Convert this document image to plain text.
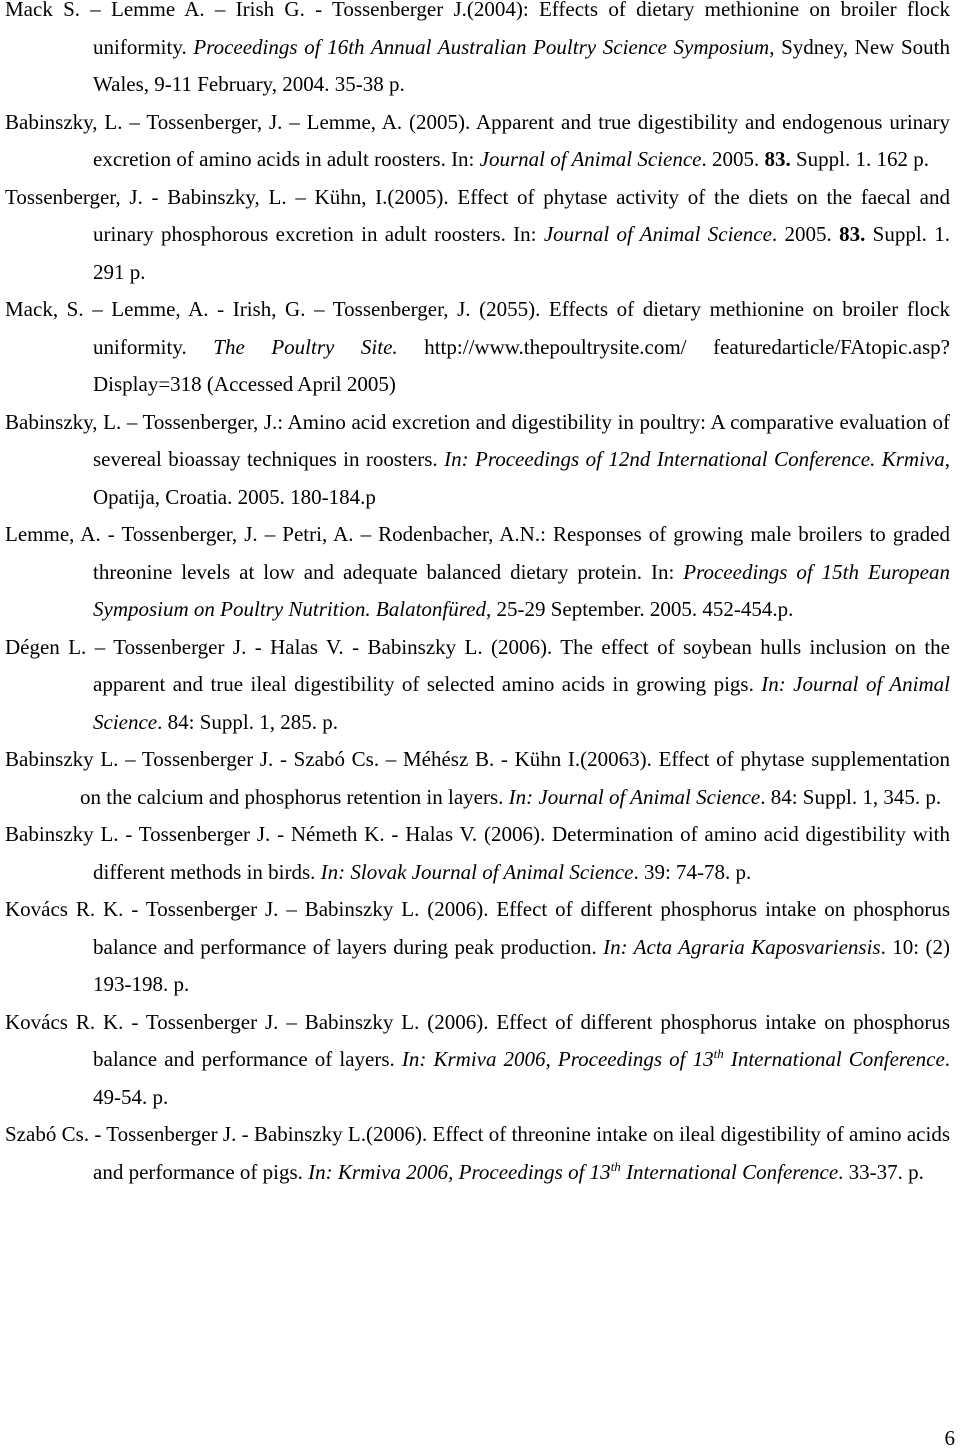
Mack S. – Lemme A. – Irish G. - Tossenberger J.(2004): Effects of dietary methionine on broiler flock uniformity. Proceedings of 16th Annual Australian Poultry Science Symposium, Sydney, New South Wales, 9-11 February, 2004. 35-38 p.

Babinszky, L. – Tossenberger, J. – Lemme, A. (2005). Apparent and true digestibility and endogenous urinary excretion of amino acids in adult roosters. In: Journal of Animal Science. 2005. 83. Suppl. 1. 162 p.

Tossenberger, J. - Babinszky, L. – Kühn, I.(2005). Effect of phytase activity of the diets on the faecal and urinary phosphorous excretion in adult roosters. In: Journal of Animal Science. 2005. 83. Suppl. 1. 291 p.

Mack, S. – Lemme, A. - Irish, G. – Tossenberger, J. (2055). Effects of dietary methionine on broiler flock uniformity. The Poultry Site. http://www.thepoultrysite.com/ featuredarticle/FAtopic.asp? Display=318 (Accessed April 2005)

Babinszky, L. – Tossenberger, J.: Amino acid excretion and digestibility in poultry: A comparative evaluation of severeal bioassay techniques in roosters. In: Proceedings of 12nd International Conference. Krmiva, Opatija, Croatia. 2005. 180-184.p

Lemme, A. - Tossenberger, J. – Petri, A. – Rodenbacher, A.N.: Responses of growing male broilers to graded threonine levels at low and adequate balanced dietary protein. In: Proceedings of 15th European Symposium on Poultry Nutrition. Balatonfüred, 25-29 September. 2005. 452-454.p.

Dégen L. – Tossenberger J. - Halas V. - Babinszky L. (2006). The effect of soybean hulls inclusion on the apparent and true ileal digestibility of selected amino acids in growing pigs. In: Journal of Animal Science. 84: Suppl. 1, 285. p.

Babinszky L. – Tossenberger J. - Szabó Cs. – Méhész B. - Kühn I.(20063). Effect of phytase supplementation on the calcium and phosphorus retention in layers. In: Journal of Animal Science. 84: Suppl. 1, 345. p.

Babinszky L. - Tossenberger J. - Németh K. - Halas V. (2006). Determination of amino acid digestibility with different methods in birds. In: Slovak Journal of Animal Science. 39: 74-78. p.

Kovács R. K. - Tossenberger J. – Babinszky L. (2006). Effect of different phosphorus intake on phosphorus balance and performance of layers during peak production. In: Acta Agraria Kaposvariensis. 10: (2) 193-198. p.

Kovács R. K. - Tossenberger J. – Babinszky L. (2006). Effect of different phosphorus intake on phosphorus balance and performance of layers. In: Krmiva 2006, Proceedings of 13th International Conference. 49-54. p.

Szabó Cs. - Tossenberger J. - Babinszky L.(2006). Effect of threonine intake on ileal digestibility of amino acids and performance of pigs. In: Krmiva 2006, Proceedings of 13th International Conference. 33-37. p.

6
